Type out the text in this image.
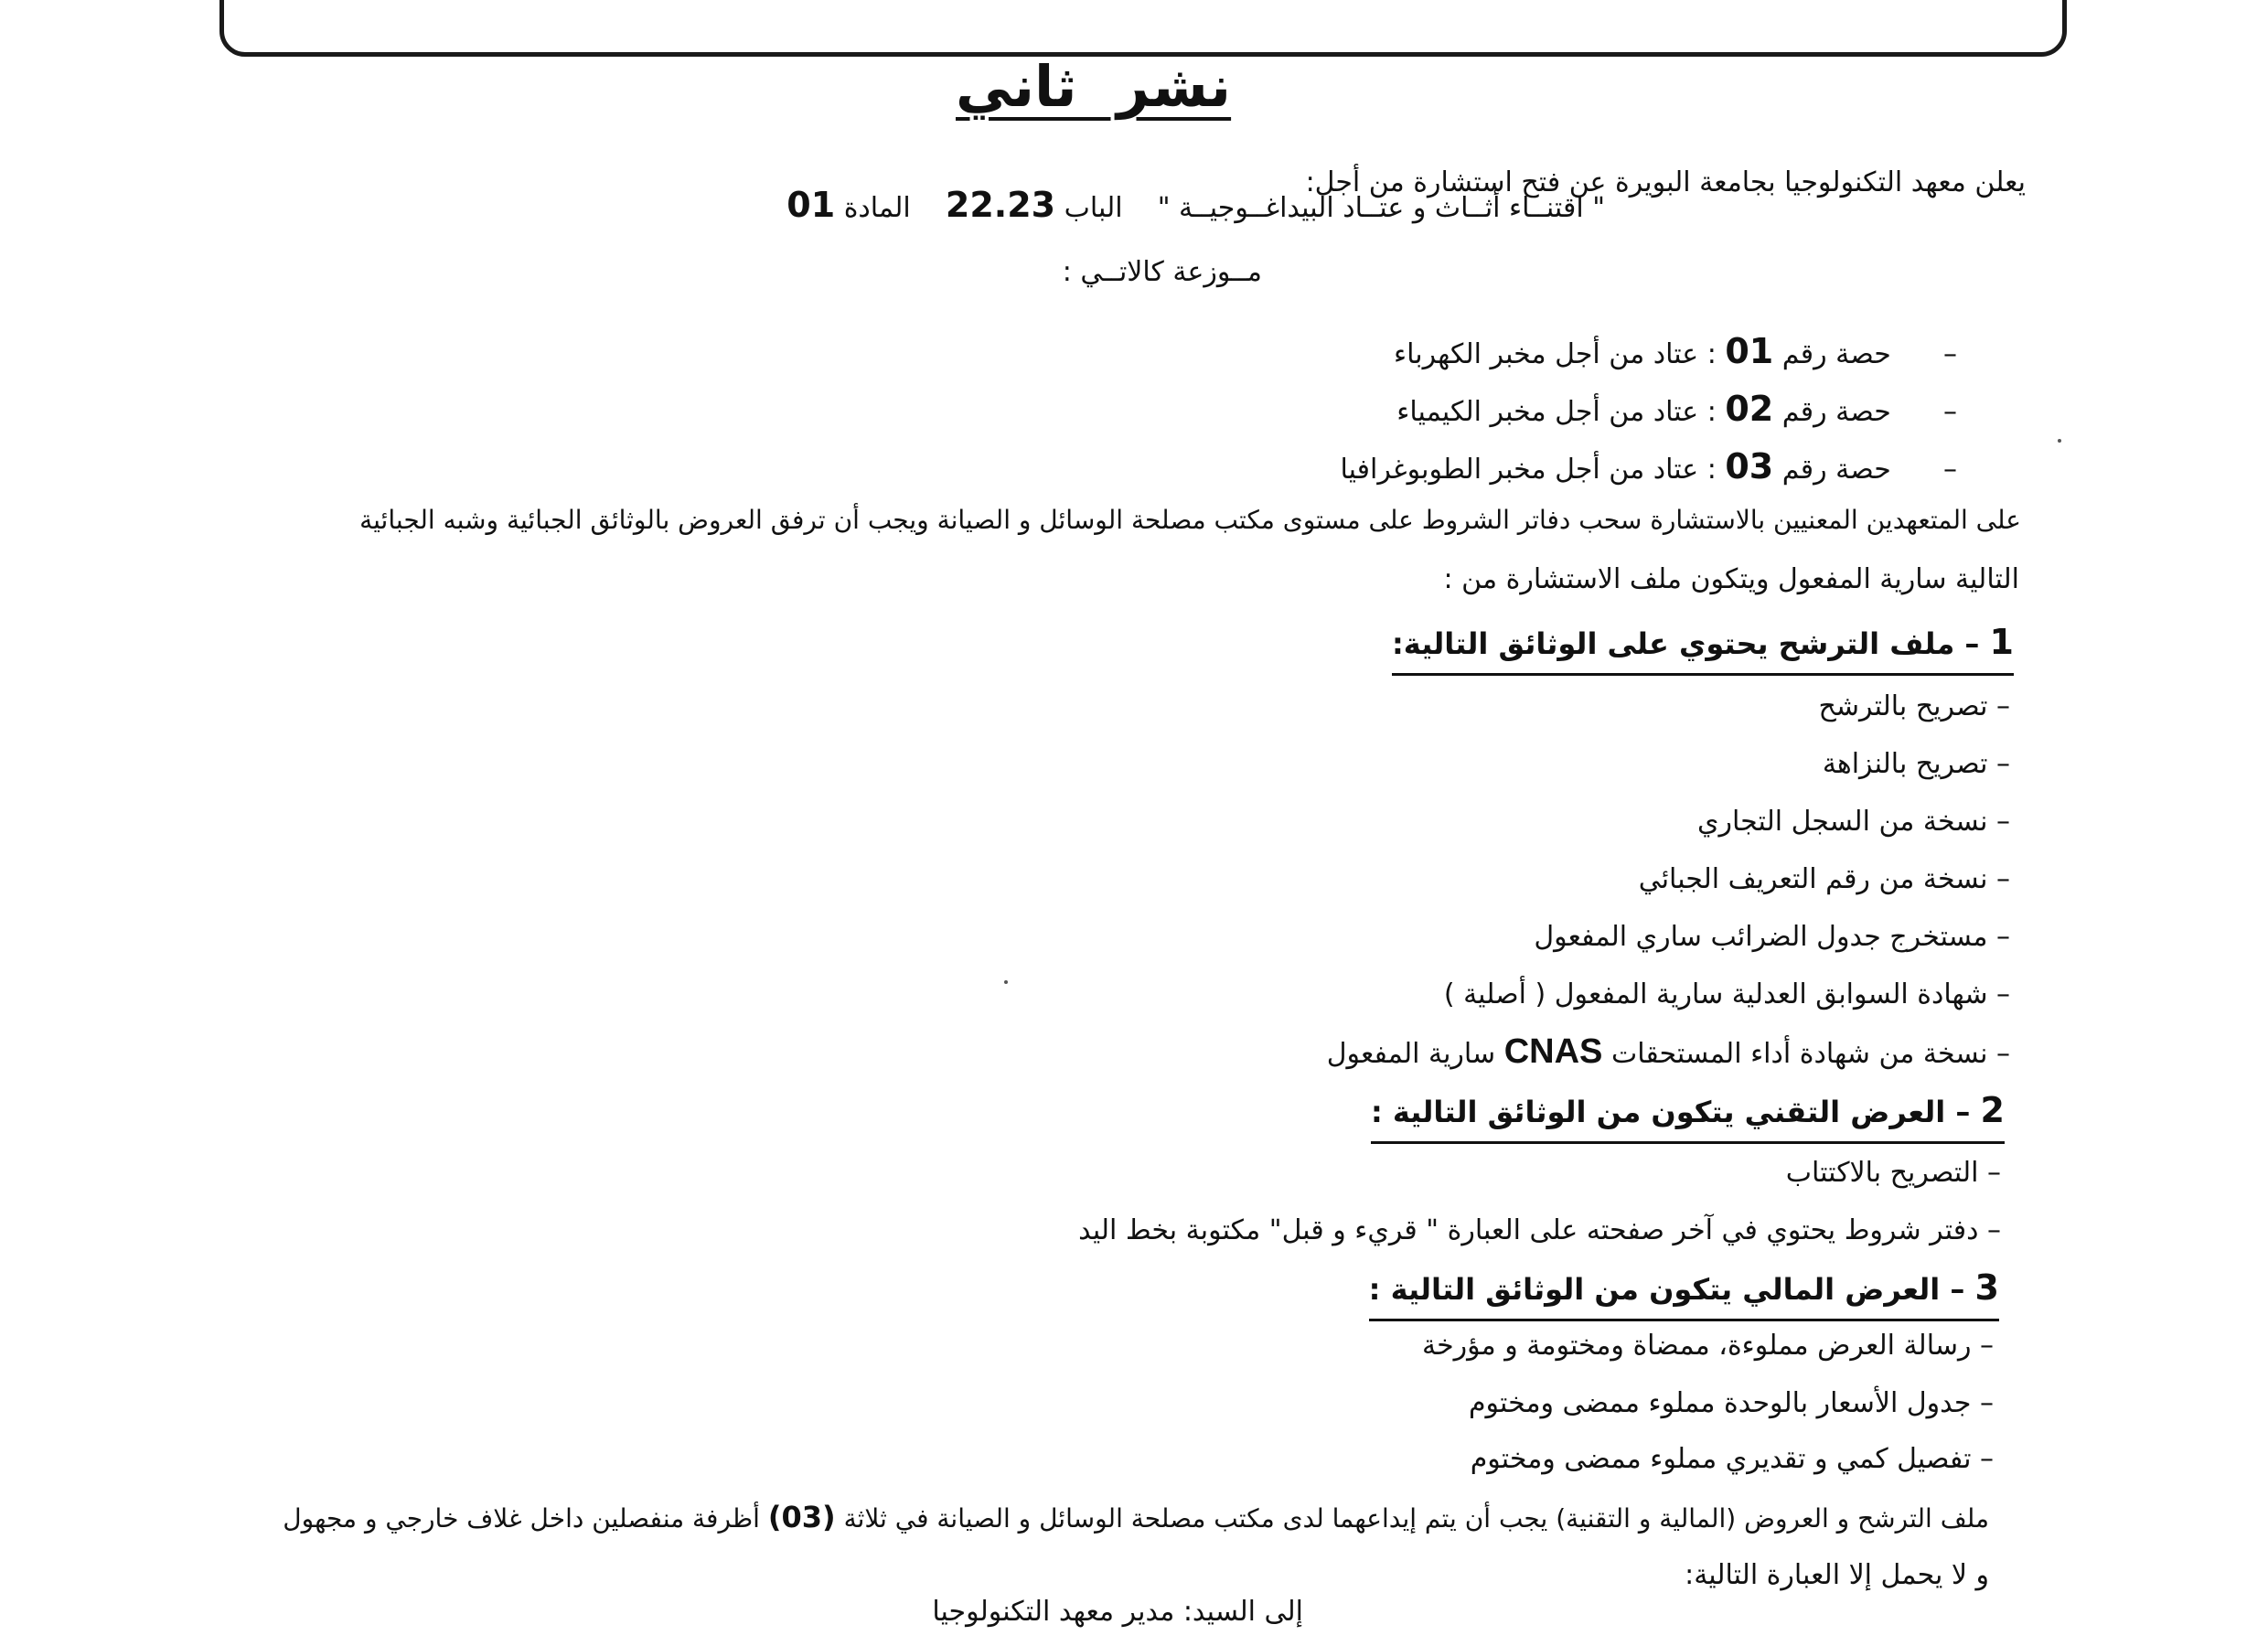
نشر ثاني
يعلن معهد التكنولوجيا بجامعة البويرة عن فتح استشارة من أجل:
" اقتنــاء أثــاث و عتــاد البيداغــوجيــة "    الباب 22.23    المادة 01
مــوزعة كالاتــي :
–      حصة رقم 01 : عتاد من أجل مخبر الكهرباء
–      حصة رقم 02 : عتاد من أجل مخبر الكيمياء
–      حصة رقم 03 : عتاد من أجل مخبر الطوبوغرافيا
على المتعهدين المعنيين بالاستشارة سحب دفاتر الشروط على مستوى مكتب مصلحة الوسائل و الصيانة ويجب أن ترفق العروض بالوثائق الجبائية وشبه الجبائية
التالية سارية المفعول ويتكون ملف الاستشارة من :
1 – ملف الترشح يحتوي على الوثائق التالية:
– تصريح بالترشح
– تصريح بالنزاهة
– نسخة من السجل التجاري
– نسخة من رقم التعريف الجبائي
– مستخرج جدول الضرائب ساري المفعول
– شهادة السوابق العدلية سارية المفعول ( أصلية )
– نسخة من شهادة أداء المستحقات CNAS سارية المفعول
2 – العرض التقني يتكون من الوثائق التالية :
– التصريح بالاكتتاب
– دفتر شروط يحتوي في آخر صفحته على العبارة " قريء و قبل" مكتوبة بخط اليد
3 – العرض المالي يتكون من الوثائق التالية :
– رسالة العرض مملوءة، ممضاة ومختومة و مؤرخة
– جدول الأسعار بالوحدة مملوء ممضى ومختوم
– تفصيل كمي و تقديري مملوء ممضى ومختوم
ملف الترشح و العروض (المالية و التقنية) يجب أن يتم إيداعهما لدى مكتب مصلحة الوسائل و الصيانة في ثلاثة (03) أظرفة منفصلين داخل غلاف خارجي و مجهول
و لا يحمل إلا العبارة التالية:
إلى السيد: مدير معهد التكنولوجيا
